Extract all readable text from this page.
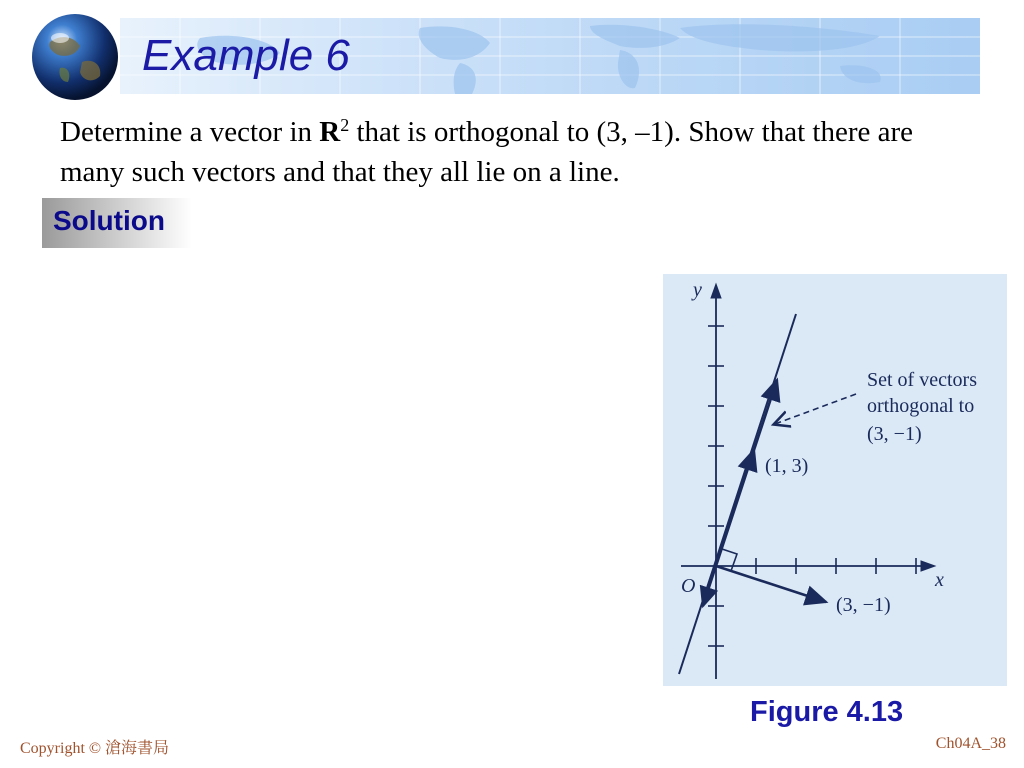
Example 6
Determine a vector in $R^2$ that is orthogonal to (3, –1). Show that there are many such vectors and that they all lie on a line.
Solution
y
x
O
(1, 3)
(3, −1)
Set of vectors
orthogonal to
(3, −1)
Figure 4.13
Copyright © 滄海書局	Ch04A_38
